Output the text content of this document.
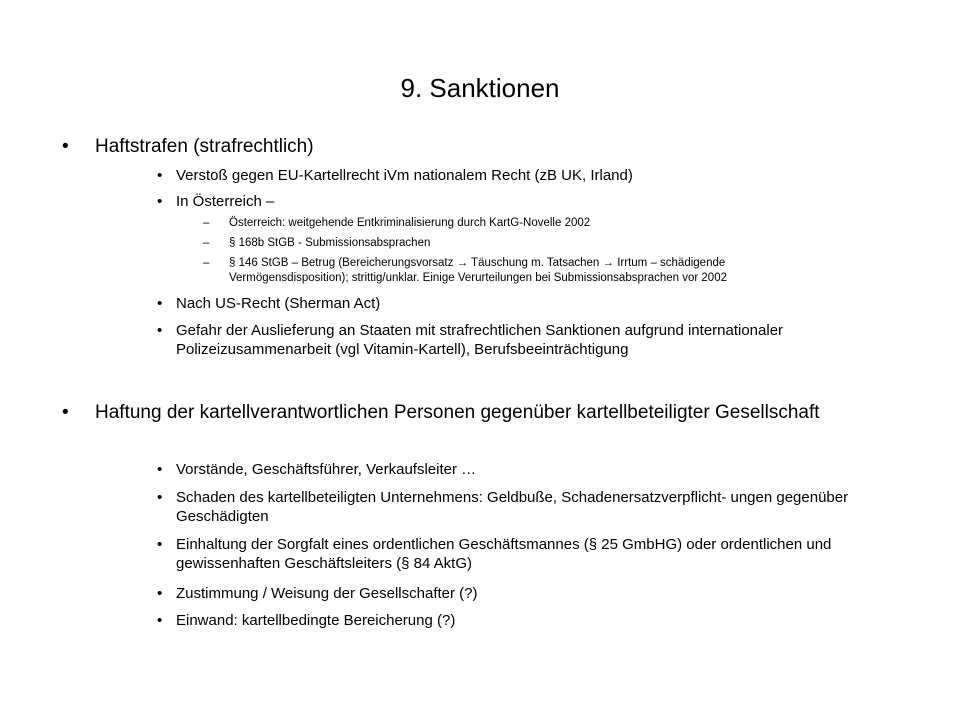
9. Sanktionen
• Haftstrafen (strafrechtlich)
• Verstoß gegen EU-Kartellrecht iVm nationalem Recht (zB UK, Irland)
• In Österreich –
– Österreich: weitgehende Entkriminalisierung durch KartG-Novelle 2002
– § 168b StGB - Submissionsabsprachen
– § 146 StGB – Betrug (Bereicherungsvorsatz → Täuschung m. Tatsachen → Irrtum – schädigende Vermögensdisposition); strittig/unklar. Einige Verurteilungen bei Submissionsabsprachen vor 2002
• Nach US-Recht (Sherman Act)
• Gefahr der Auslieferung an Staaten mit strafrechtlichen Sanktionen aufgrund internationaler Polizeizusammenarbeit (vgl Vitamin-Kartell), Berufsbeeinträchtigung
• Haftung der kartellverantwortlichen Personen gegenüber kartellbeteiligter Gesellschaft
• Vorstände, Geschäftsführer, Verkaufsleiter …
• Schaden des kartellbeteiligten Unternehmens: Geldbuße, Schadenersatzverpflicht- ungen gegenüber Geschädigten
• Einhaltung der Sorgfalt eines ordentlichen Geschäftsmannes (§ 25 GmbHG) oder ordentlichen und gewissenhaften Geschäftsleiters (§ 84 AktG)
• Zustimmung / Weisung der Gesellschafter (?)
• Einwand: kartellbedingte Bereicherung (?)
